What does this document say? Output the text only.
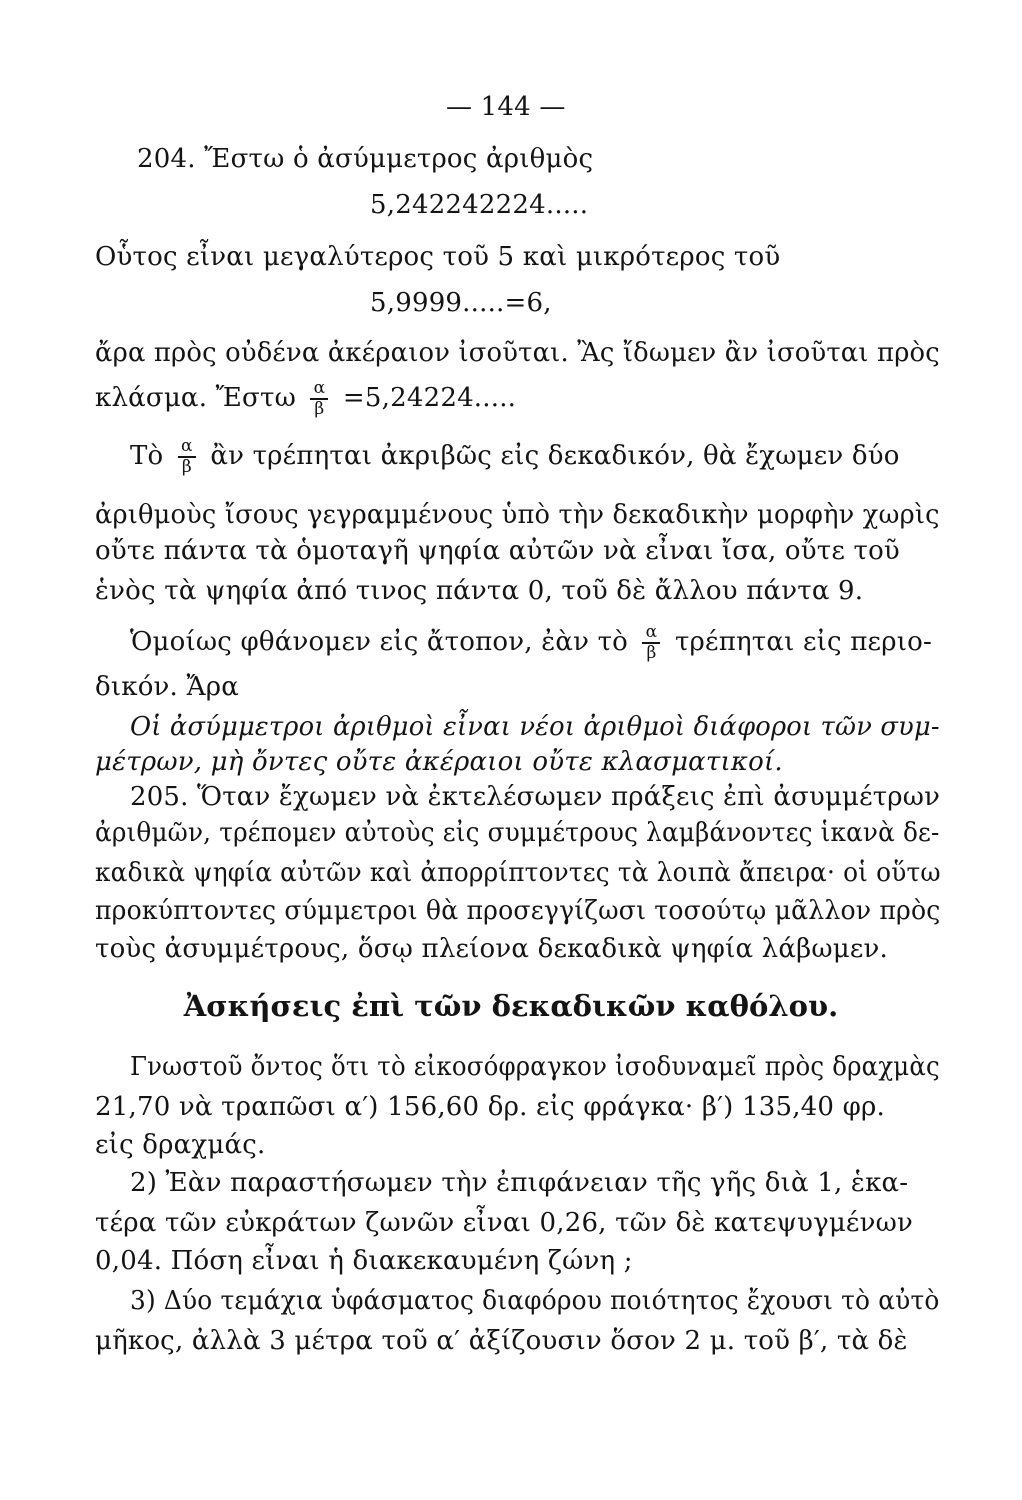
— 144 —
204. Ἔστω ὁ ἀσύμμετρος ἀριθμὸς
5,242242224.....
Οὗτος εἶναι μεγαλύτερος τοῦ 5 καὶ μικρότερος τοῦ
5,9999.....=6,
ἄρα πρὸς οὐδένα ἀκέραιον ἰσοῦται. Ἂς ἴδωμεν ἂν ἰσοῦται πρὸς
κλάσμα. Ἔστω $\frac{\alpha}{\beta} =5,24224$.....
Τὸ $\frac{\alpha}{\beta}$ ἂν τρέπηται ἀκριβῶς εἰς δεκαδικόν, θὰ ἔχωμεν δύο
ἀριθμοὺς ἴσους γεγραμμένους ὑπὸ τὴν δεκαδικὴν μορφὴν χωρὶς
οὔτε πάντα τὰ ὁμοταγῆ ψηφία αὐτῶν νὰ εἶναι ἴσα, οὔτε τοῦ
ἑνὸς τὰ ψηφία ἀπό τινος πάντα 0, τοῦ δὲ ἄλλου πάντα 9.
Ὁμοίως φθάνομεν εἰς ἄτοπον, ἐὰν τὸ $\frac{\alpha}{\beta}$ τρέπηται εἰς περιο-
δικόν. Ἄρα
Οἱ ἀσύμμετροι ἀριθμοὶ εἶναι νέοι ἀριθμοὶ διάφοροι τῶν συμ-
μέτρων, μὴ ὄντες οὔτε ἀκέραιοι οὔτε κλασματικοί.
205. Ὅταν ἔχωμεν νὰ ἐκτελέσωμεν πράξεις ἐπὶ ἀσυμμέτρων
ἀριθμῶν, τρέπομεν αὐτοὺς εἰς συμμέτρους λαμβάνοντες ἱκανὰ δε-
καδικὰ ψηφία αὐτῶν καὶ ἀπορρίπτοντες τὰ λοιπὰ ἄπειρα· οἱ οὕτω
προκύπτοντες σύμμετροι θὰ προσεγγίζωσι τοσούτῳ μᾶλλον πρὸς
τοὺς ἀσυμμέτρους, ὅσῳ πλείονα δεκαδικὰ ψηφία λάβωμεν.
Ἀσκήσεις ἐπὶ τῶν δεκαδικῶν καθόλου.
Γνωστοῦ ὄντος ὅτι τὸ εἰκοσόφραγκον ἰσοδυναμεῖ πρὸς δραχμὰς
21,70 νὰ τραπῶσι α′) 156,60 δρ. εἰς φράγκα· β′) 135,40 φρ.
εἰς δραχμάς.
2) Ἐὰν παραστήσωμεν τὴν ἐπιφάνειαν τῆς γῆς διὰ 1, ἑκα-
τέρα τῶν εὐκράτων ζωνῶν εἶναι 0,26, τῶν δὲ κατεψυγμένων
0,04. Πόση εἶναι ἡ διακεκαυμένη ζώνη ;
3) Δύο τεμάχια ὑφάσματος διαφόρου ποιότητος ἔχουσι τὸ αὐτὸ
μῆκος, ἀλλὰ 3 μέτρα τοῦ α′ ἀξίζουσιν ὅσον 2 μ. τοῦ β′, τὰ δὲ
